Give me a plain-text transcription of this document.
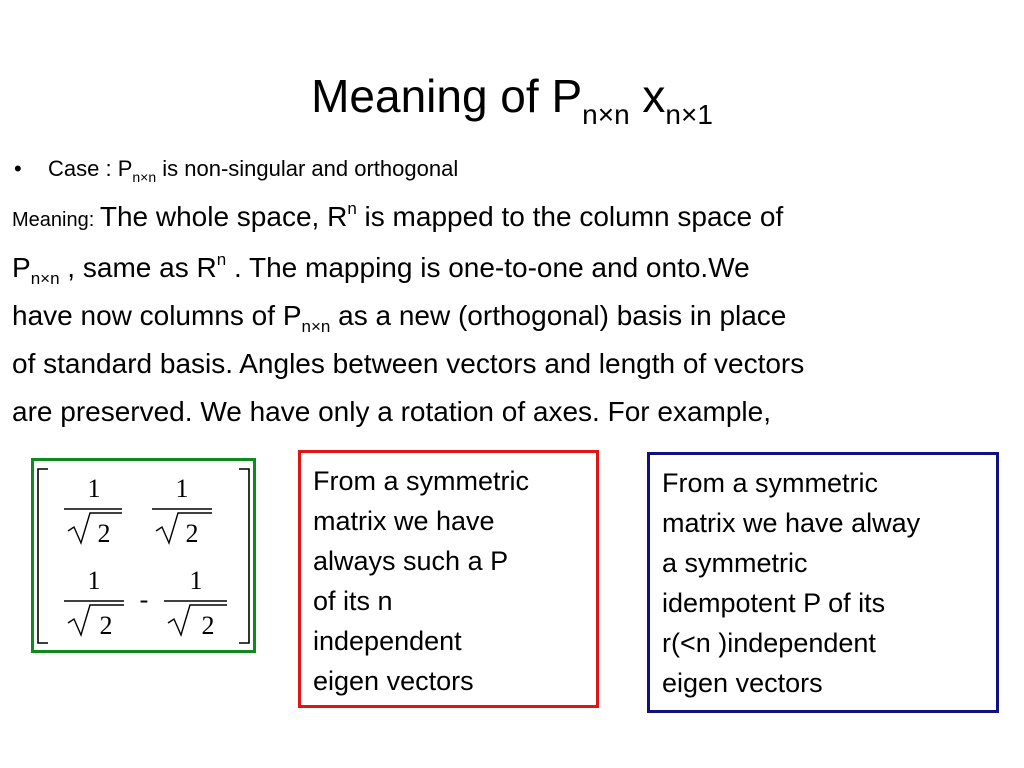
Meaning of $P_{n\times n}$ $x_{n\times 1}$
• Case : $P_{n\times n}$ is non-singular and orthogonal
Meaning: The whole space, $R^n$ is mapped to the column space of
$P_{n\times n}$ , same as $R^n$ . The mapping is one-to-one and onto.We
have now columns of $P_{n\times n}$ as a new (orthogonal) basis in place
of standard basis. Angles between vectors and length of vectors
are preserved. We have only a rotation of axes. For example,
1
2
1
2
1
2
-
1
2
From a symmetric
matrix we have
always such a P
of its n
independent
eigen vectors
From a symmetric
matrix we have alway
a symmetric
idempotent P of its
r(<n )independent
eigen vectors
